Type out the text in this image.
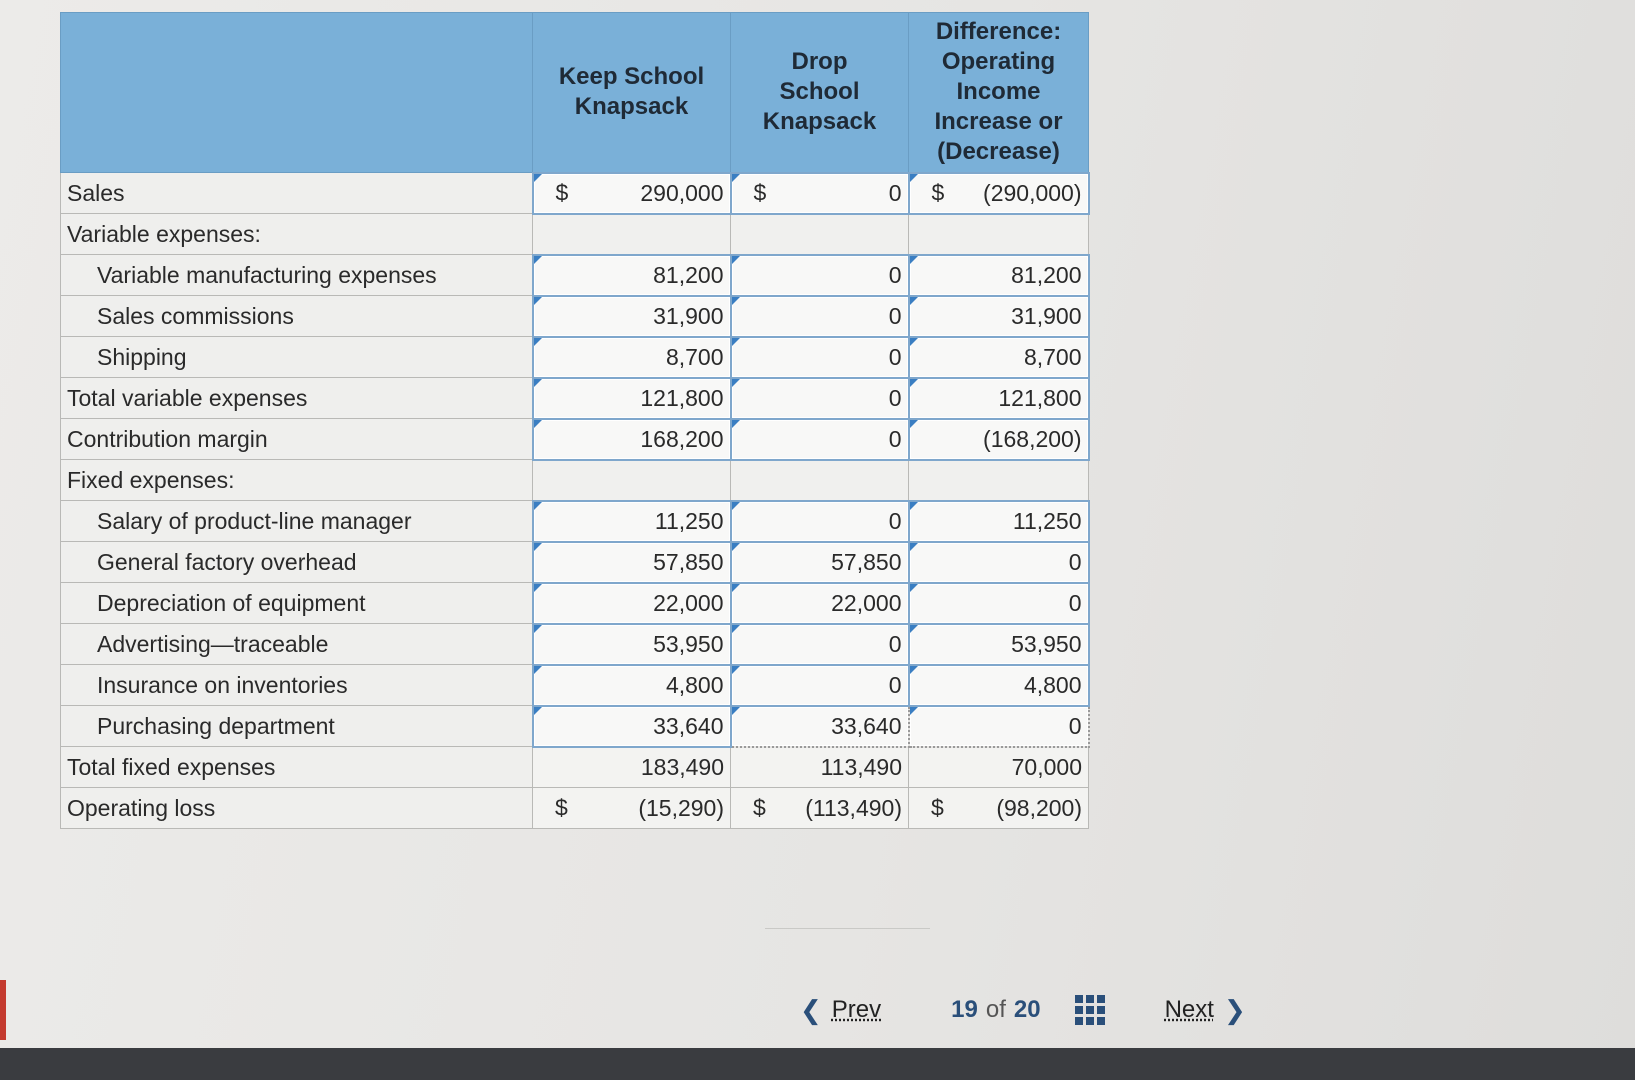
	Keep School Knapsack	Drop School Knapsack	Difference: Operating Income Increase or (Decrease)
Sales	$ 290,000	$ 0	$ (290,000)
Variable expenses:			
Variable manufacturing expenses	81,200	0	81,200
Sales commissions	31,900	0	31,900
Shipping	8,700	0	8,700
Total variable expenses	121,800	0	121,800
Contribution margin	168,200	0	(168,200)
Fixed expenses:			
Salary of product-line manager	11,250	0	11,250
General factory overhead	57,850	57,850	0
Depreciation of equipment	22,000	22,000	0
Advertising—traceable	53,950	0	53,950
Insurance on inventories	4,800	0	4,800
Purchasing department	33,640	33,640	0
Total fixed expenses	183,490	113,490	70,000
Operating loss	$ (15,290)	$ (113,490)	$ (98,200)
❮ Prev	19 of 20	Next ❯
